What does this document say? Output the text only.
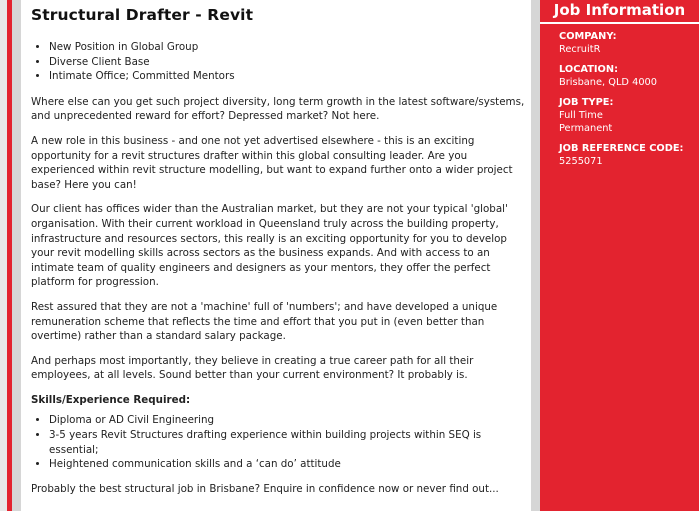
Structural Drafter - Revit
• New Position in Global Group
• Diverse Client Base
• Intimate Office; Committed Mentors

Where else can you get such project diversity, long term growth in the latest software/systems, and unprecedented reward for effort? Depressed market? Not here.

A new role in this business - and one not yet advertised elsewhere - this is an exciting opportunity for a revit structures drafter within this global consulting leader. Are you experienced within revit structure modelling, but want to expand further onto a wider project base? Here you can!

Our client has offices wider than the Australian market, but they are not your typical 'global' organisation. With their current workload in Queensland truly across the building property, infrastructure and resources sectors, this really is an exciting opportunity for you to develop your revit modelling skills across sectors as the business expands. And with access to an intimate team of quality engineers and designers as your mentors, they offer the perfect platform for progression.

Rest assured that they are not a 'machine' full of 'numbers'; and have developed a unique remuneration scheme that reflects the time and effort that you put in (even better than overtime) rather than a standard salary package.

And perhaps most importantly, they believe in creating a true career path for all their employees, at all levels. Sound better than your current environment? It probably is.

Skills/Experience Required:

• Diploma or AD Civil Engineering
• 3-5 years Revit Structures drafting experience within building projects within SEQ is essential;
• Heightened communication skills and a ‘can do’ attitude

Probably the best structural job in Brisbane? Enquire in confidence now or never find out...

Job Information
COMPANY:
RecruitR
LOCATION:
Brisbane, QLD 4000
JOB TYPE:
Full Time
Permanent
JOB REFERENCE CODE:
5255071
